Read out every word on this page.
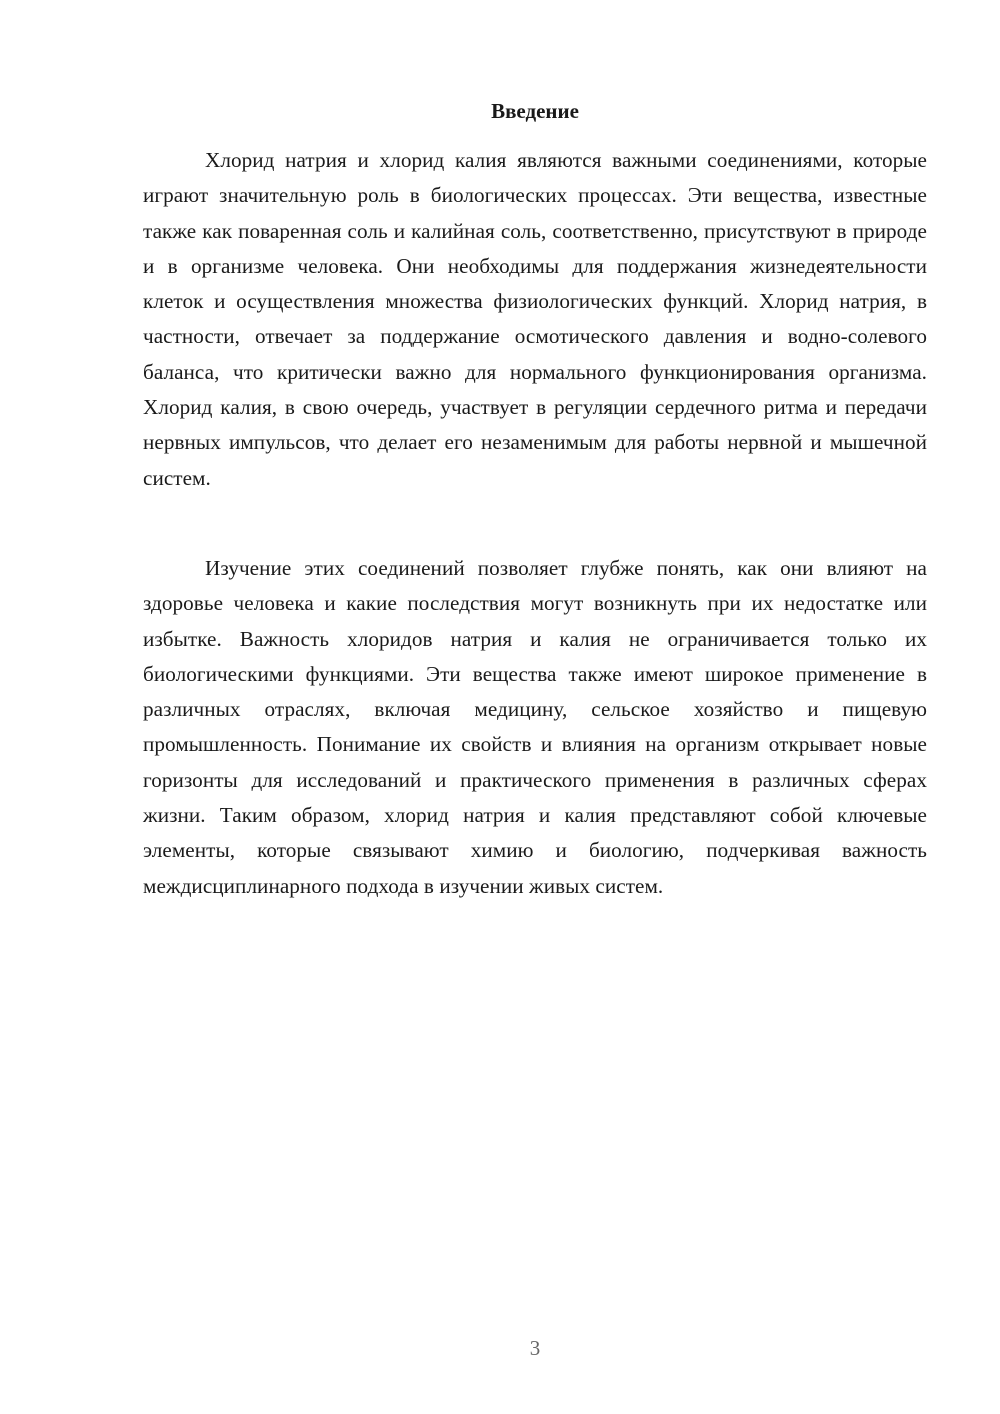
Введение

Хлорид натрия и хлорид калия являются важными соединениями, которые играют значительную роль в биологических процессах. Эти вещества, известные также как поваренная соль и калийная соль, соответственно, присутствуют в природе и в организме человека. Они необходимы для поддержания жизнедеятельности клеток и осуществления множества физиологических функций. Хлорид натрия, в частности, отвечает за поддержание осмотического давления и водно-солевого баланса, что критически важно для нормального функционирования организма. Хлорид калия, в свою очередь, участвует в регуляции сердечного ритма и передачи нервных импульсов, что делает его незаменимым для работы нервной и мышечной систем.

Изучение этих соединений позволяет глубже понять, как они влияют на здоровье человека и какие последствия могут возникнуть при их недостатке или избытке. Важность хлоридов натрия и калия не ограничивается только их биологическими функциями. Эти вещества также имеют широкое применение в различных отраслях, включая медицину, сельское хозяйство и пищевую промышленность. Понимание их свойств и влияния на организм открывает новые горизонты для исследований и практического применения в различных сферах жизни. Таким образом, хлорид натрия и калия представляют собой ключевые элементы, которые связывают химию и биологию, подчеркивая важность междисциплинарного подхода в изучении живых систем.

3
